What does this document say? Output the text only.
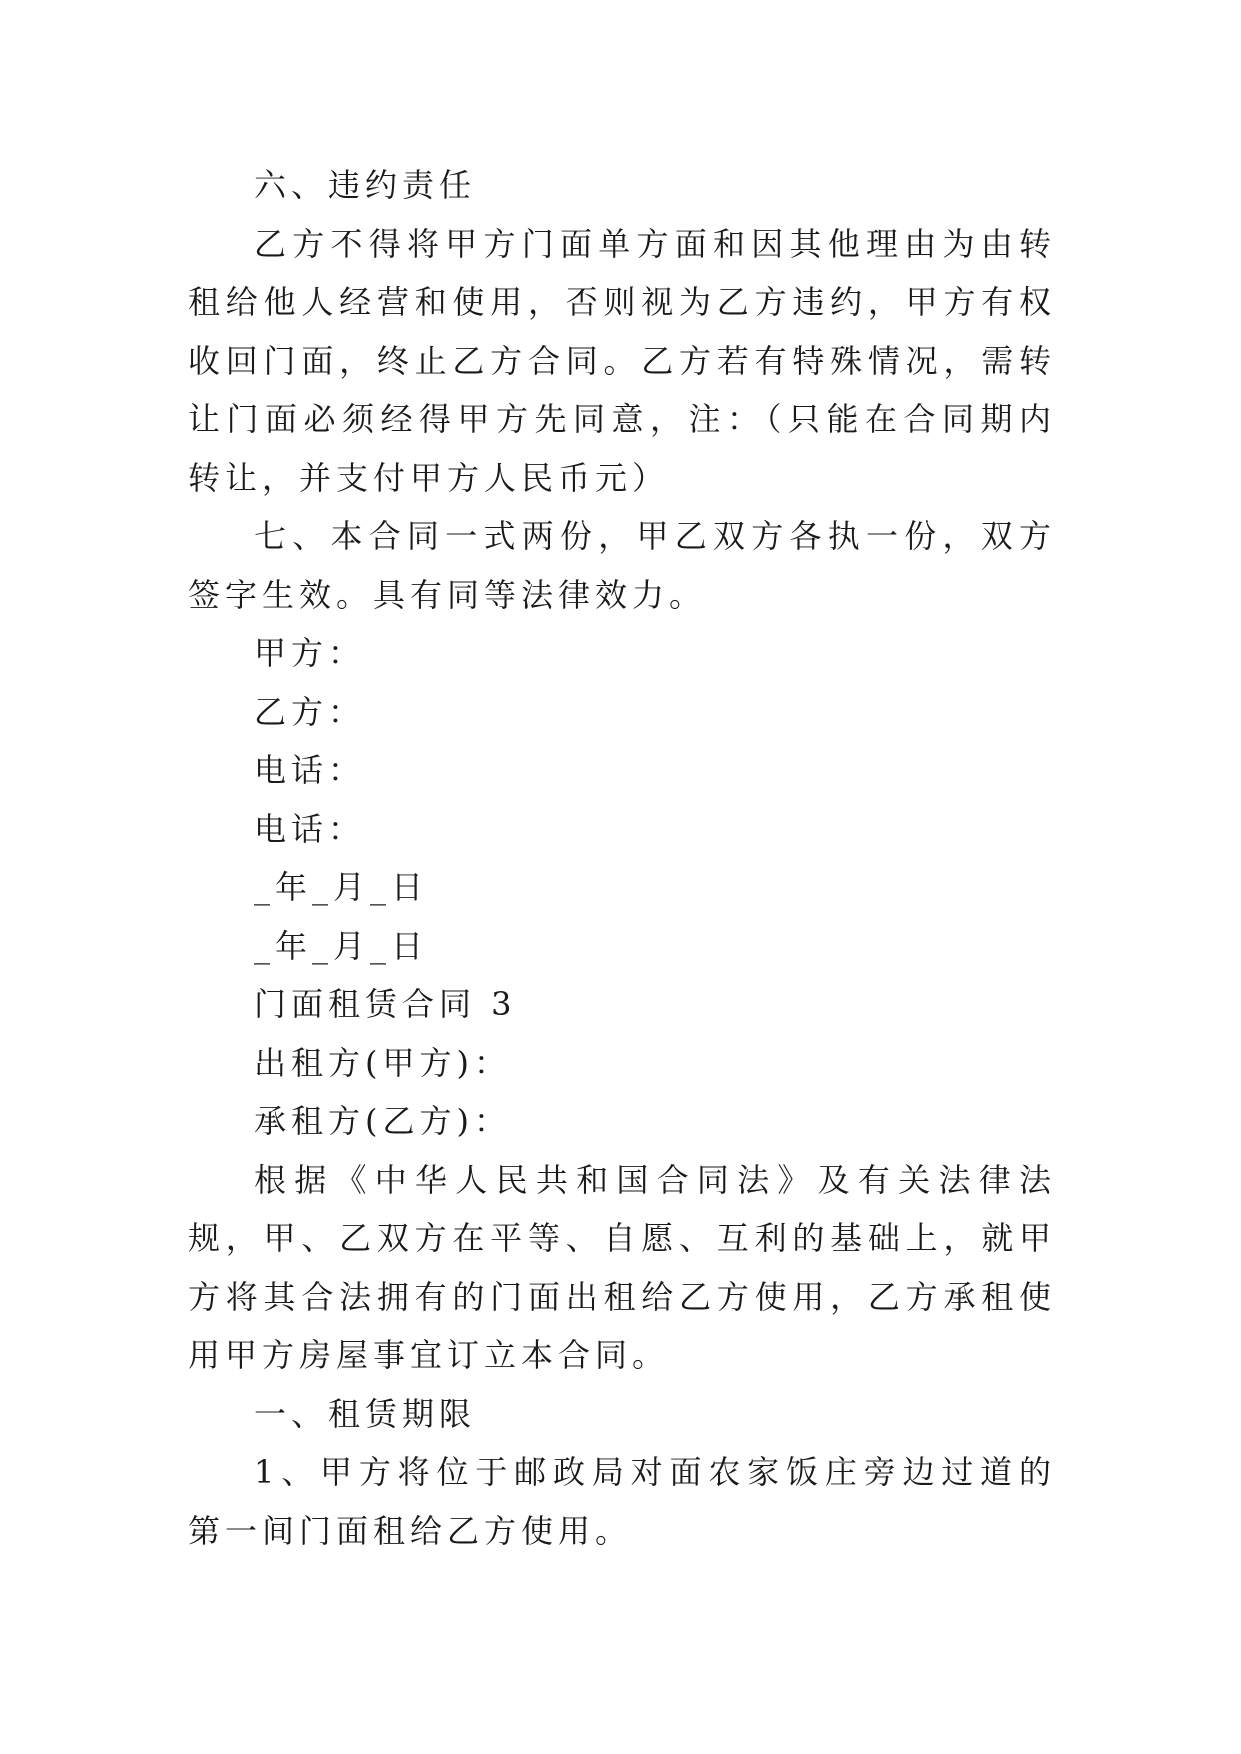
六、违约责任

乙方不得将甲方门面单方面和因其他理由为由转租给他人经营和使用，否则视为乙方违约，甲方有权收回门面，终止乙方合同。乙方若有特殊情况，需转让门面必须经得甲方先同意，注：（只能在合同期内转让，并支付甲方人民币元）

七、本合同一式两份，甲乙双方各执一份，双方签字生效。具有同等法律效力。

甲方：

乙方：

电话：

电话：

_年_月_日

_年_月_日

门面租赁合同 3

出租方(甲方)：

承租方(乙方)：

根据《中华人民共和国合同法》及有关法律法规，甲、乙双方在平等、自愿、互利的基础上，就甲方将其合法拥有的门面出租给乙方使用，乙方承租使用甲方房屋事宜订立本合同。

一、租赁期限

1、甲方将位于邮政局对面农家饭庄旁边过道的第一间门面租给乙方使用。
